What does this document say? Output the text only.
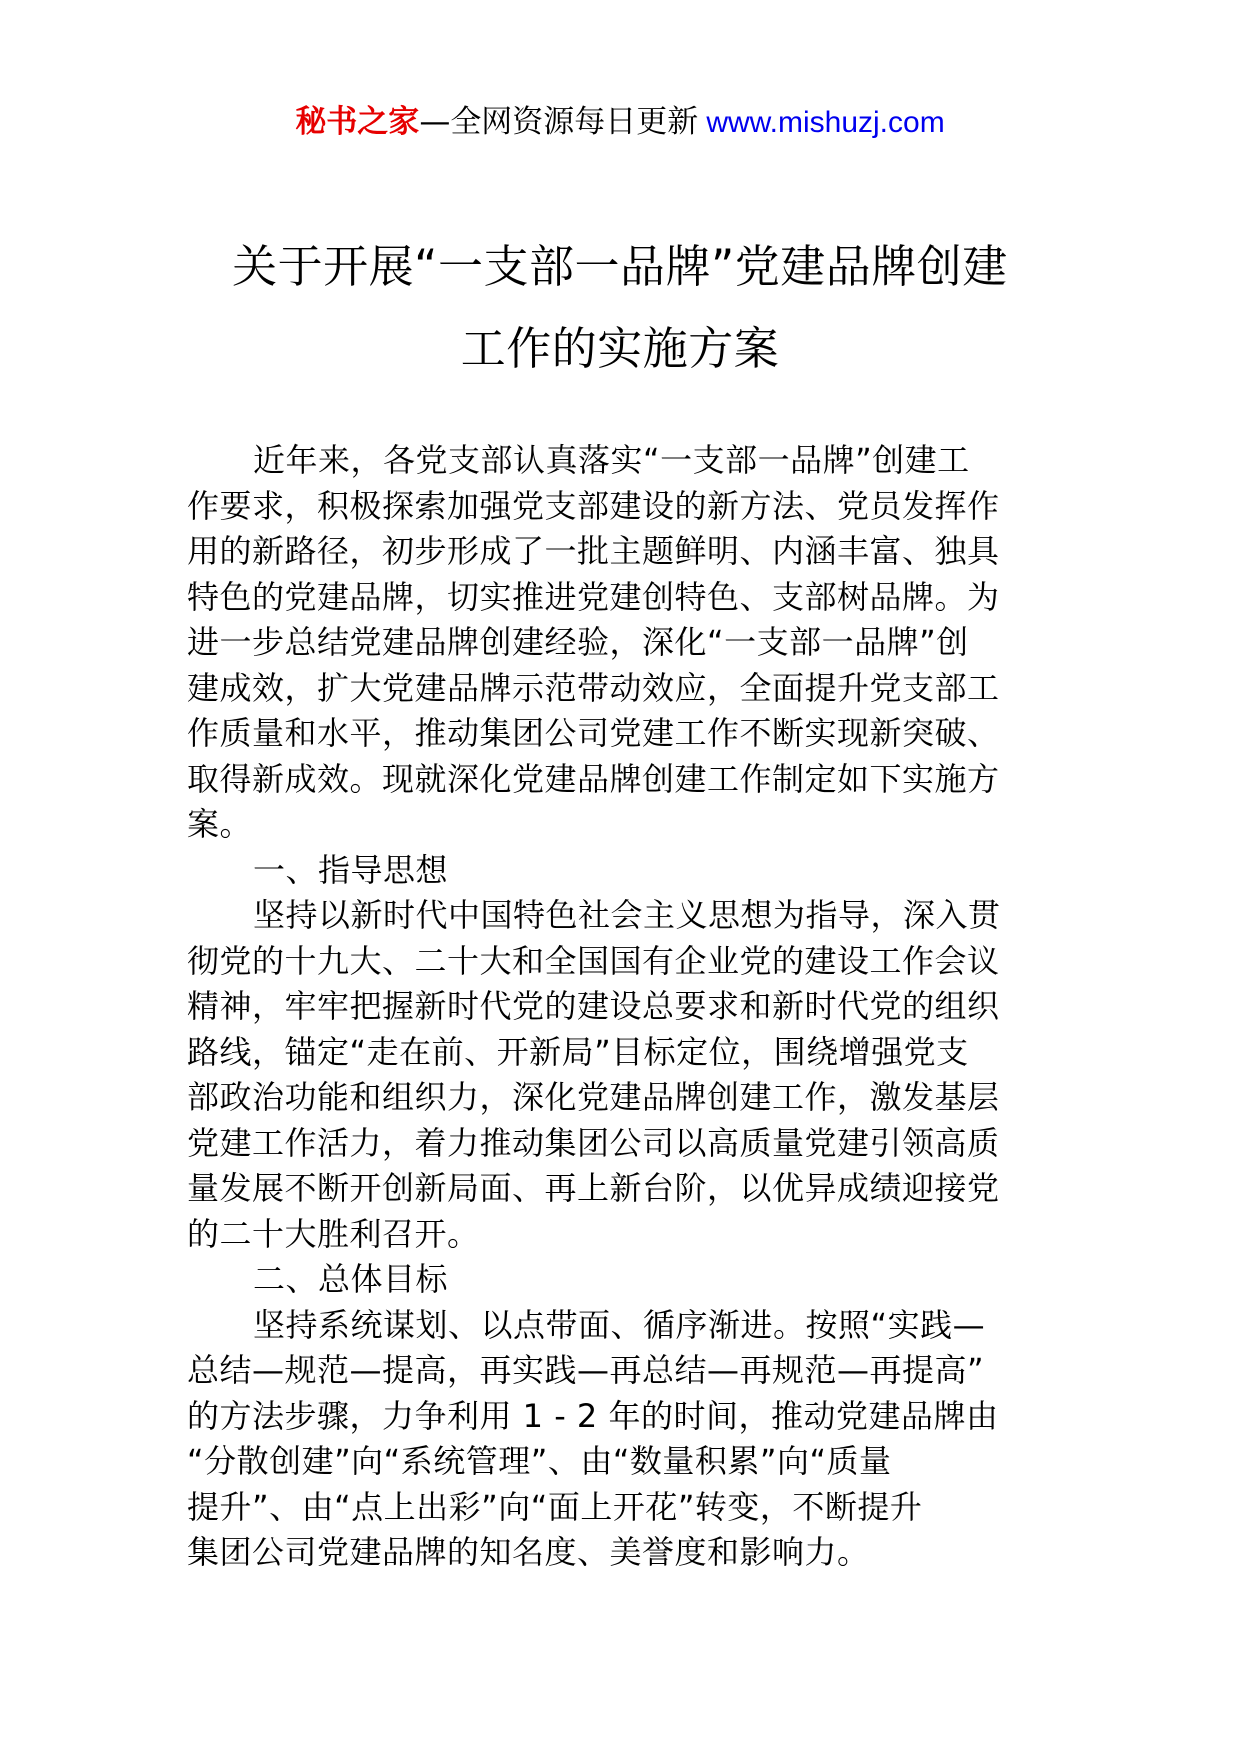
秘书之家—全网资源每日更新 www.mishuzj.com
关于开展“一支部一品牌”党建品牌创建
工作的实施方案
近年来，各党支部认真落实“一支部一品牌”创建工
作要求，积极探索加强党支部建设的新方法、党员发挥作
用的新路径，初步形成了一批主题鲜明、内涵丰富、独具
特色的党建品牌，切实推进党建创特色、支部树品牌。为
进一步总结党建品牌创建经验，深化“一支部一品牌”创
建成效，扩大党建品牌示范带动效应，全面提升党支部工
作质量和水平，推动集团公司党建工作不断实现新突破、
取得新成效。现就深化党建品牌创建工作制定如下实施方
案。
一、指导思想
坚持以新时代中国特色社会主义思想为指导，深入贯
彻党的十九大、二十大和全国国有企业党的建设工作会议
精神，牢牢把握新时代党的建设总要求和新时代党的组织
路线，锚定“走在前、开新局”目标定位，围绕增强党支
部政治功能和组织力，深化党建品牌创建工作，激发基层
党建工作活力，着力推动集团公司以高质量党建引领高质
量发展不断开创新局面、再上新台阶，以优异成绩迎接党
的二十大胜利召开。
二、总体目标
坚持系统谋划、以点带面、循序渐进。按照“实践—
总结—规范—提高，再实践—再总结—再规范—再提高”
的方法步骤，力争利用 1 - 2 年的时间，推动党建品牌由
“分散创建”向“系统管理”、由“数量积累”向“质量
提升”、由“点上出彩”向“面上开花”转变，不断提升
集团公司党建品牌的知名度、美誉度和影响力。
